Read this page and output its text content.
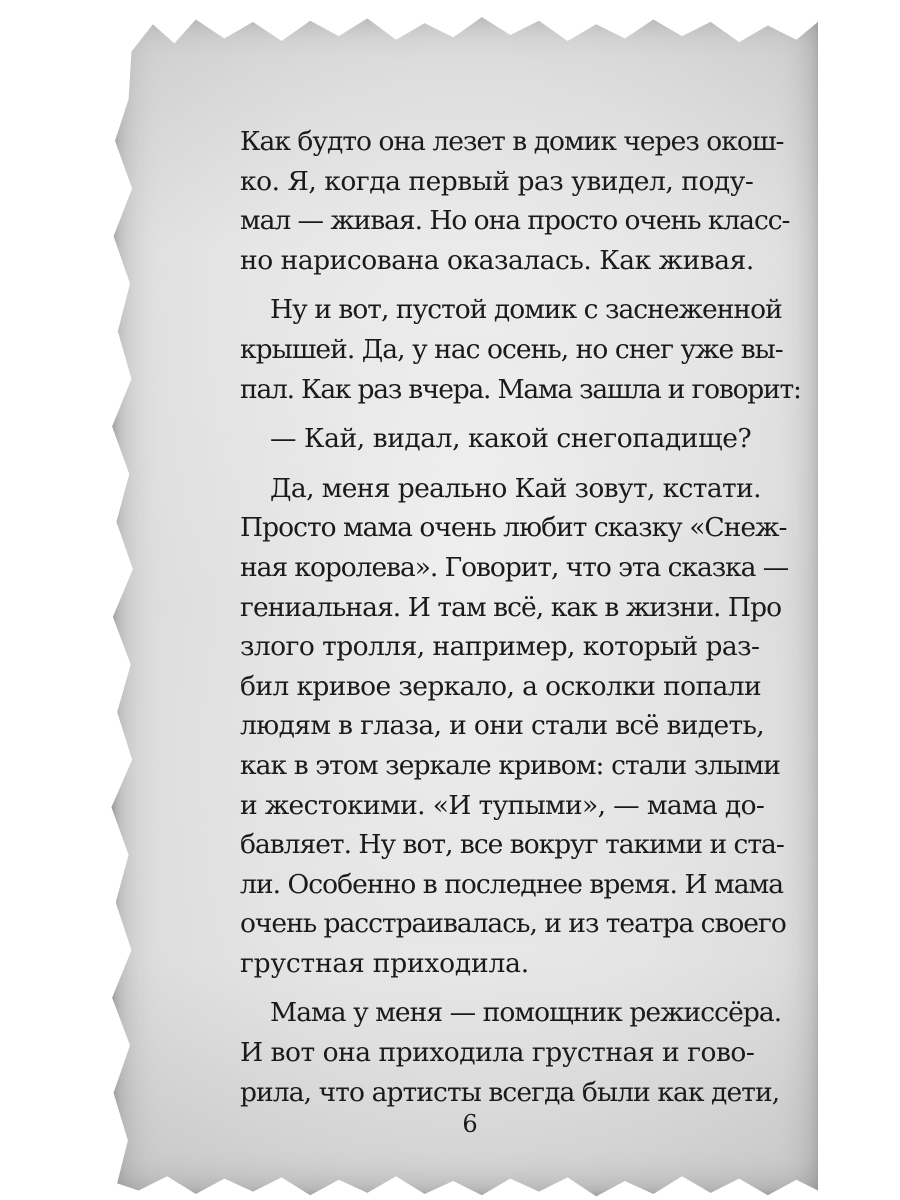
Как будто она лезет в домик через окош-
ко. Я, когда первый раз увидел, поду-
мал — живая. Но она просто очень класс-
но нарисована оказалась. Как живая.
Ну и вот, пустой домик с заснеженной
крышей. Да, у нас осень, но снег уже вы-
пал. Как раз вчера. Мама зашла и говорит:
— Кай, видал, какой снегопадище?
Да, меня реально Кай зовут, кстати.
Просто мама очень любит сказку «Снеж-
ная королева». Говорит, что эта сказка —
гениальная. И там всё, как в жизни. Про
злого тролля, например, который раз-
бил кривое зеркало, а осколки попали
людям в глаза, и они стали всё видеть,
как в этом зеркале кривом: стали злыми
и жестокими. «И тупыми», — мама до-
бавляет. Ну вот, все вокруг такими и ста-
ли. Особенно в последнее время. И мама
очень расстраивалась, и из театра своего
грустная приходила.
Мама у меня — помощник режиссёра.
И вот она приходила грустная и гово-
рила, что артисты всегда были как дети,
6
